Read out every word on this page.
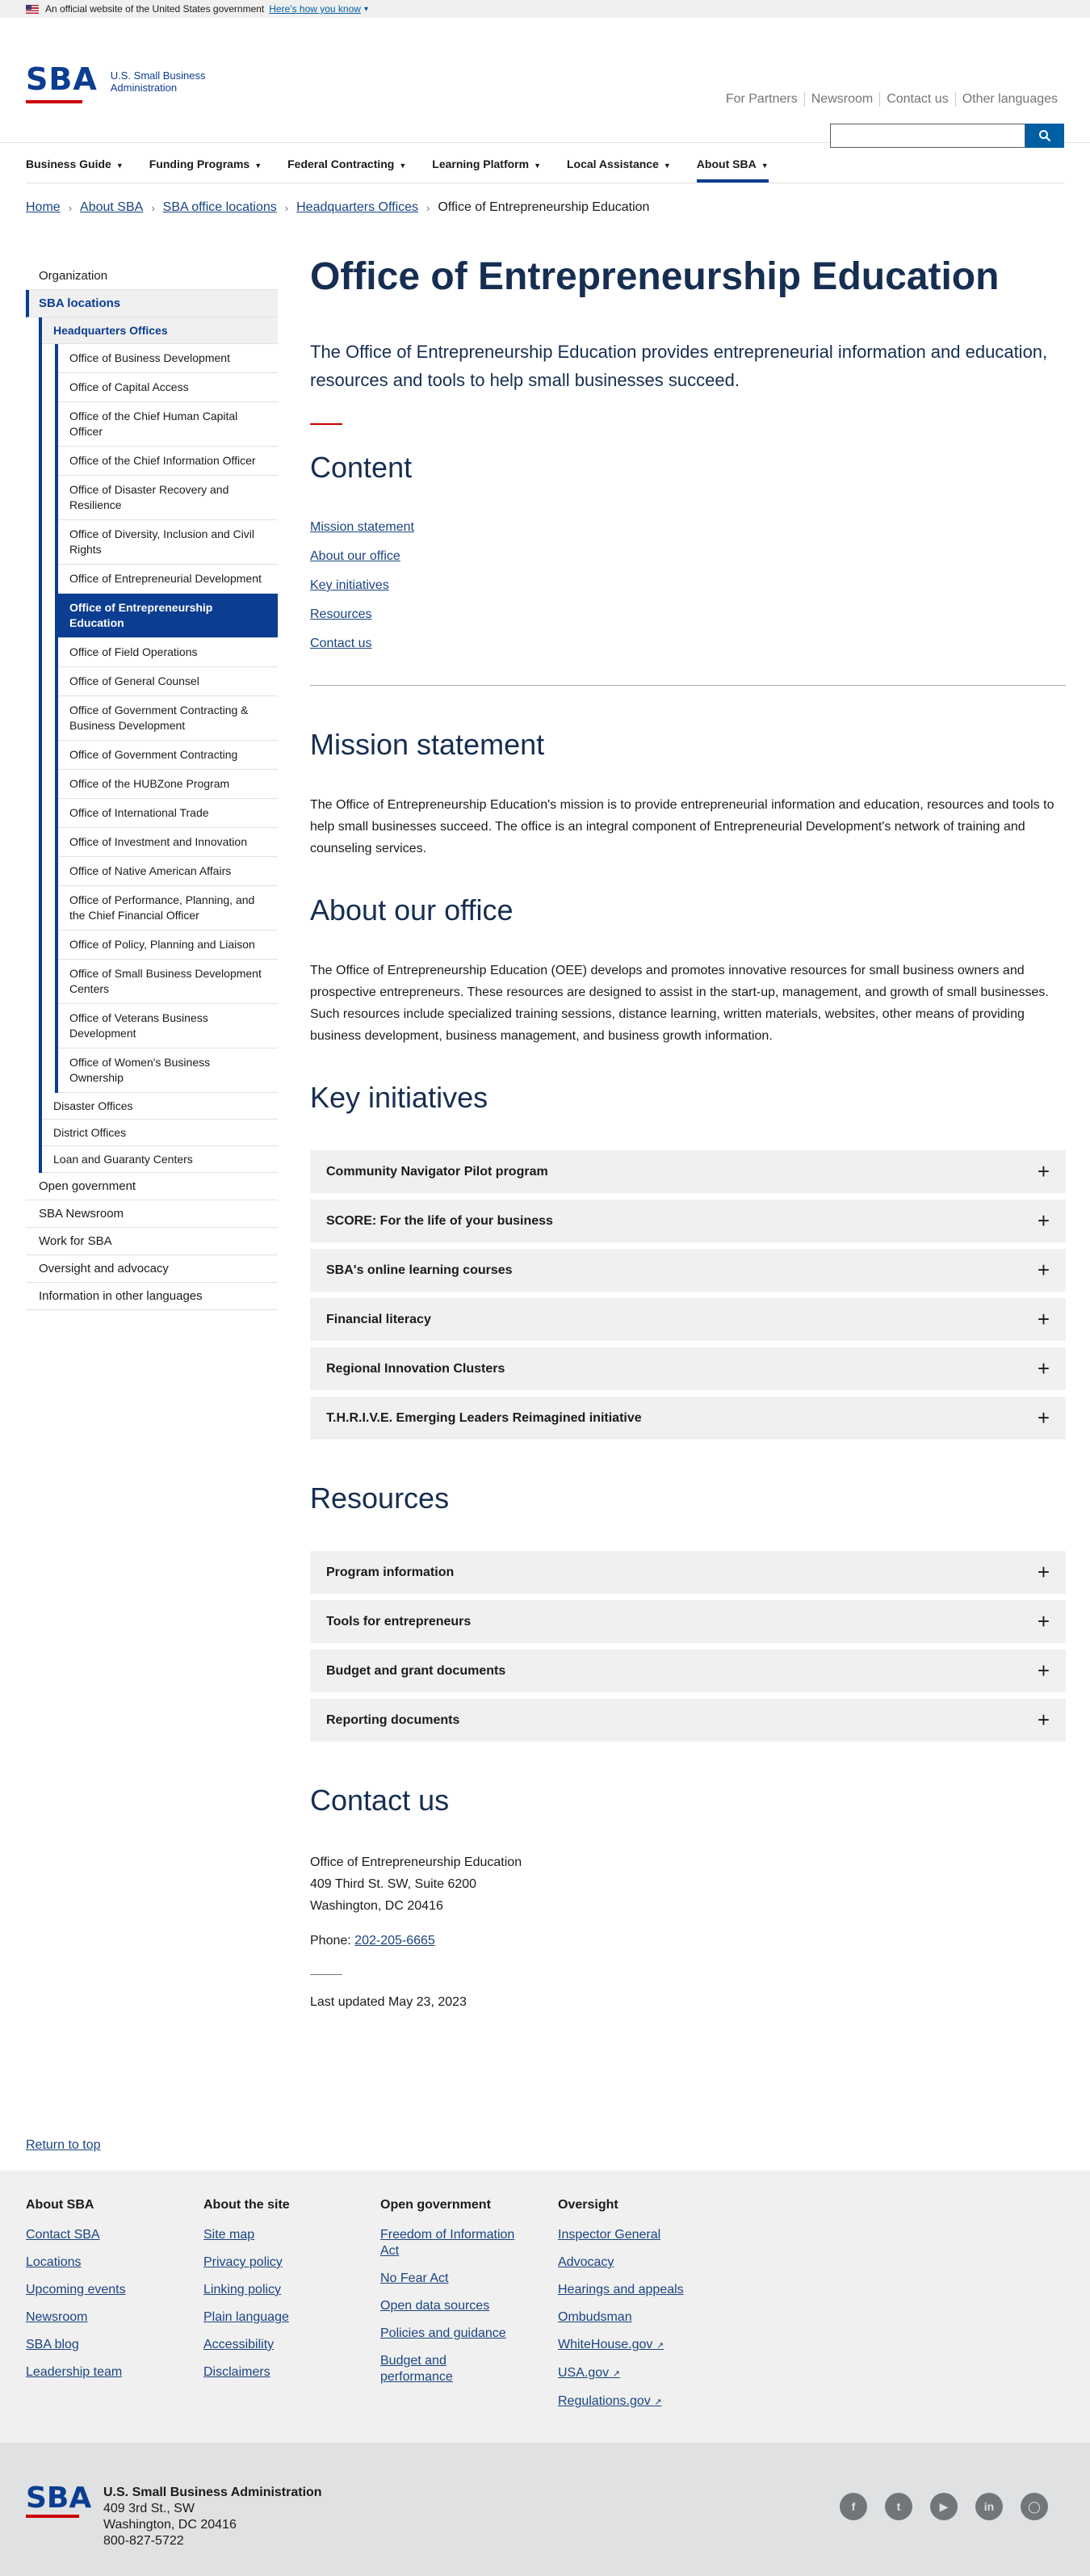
An official website of the United States government Here's how you know ▾
SBA	U.S. Small Business
Administration
For Partners	Newsroom	Contact us	Other languages
Business Guide ▼	Funding Programs ▼	Federal Contracting ▼	Learning Platform ▼	Local Assistance ▼	About SBA ▼
Home › About SBA › SBA office locations › Headquarters Offices › Office of Entrepreneurship Education
Organization
SBA locations
Headquarters Offices
Office of Business Development
Office of Capital Access
Office of the Chief Human Capital Officer
Office of the Chief Information Officer
Office of Disaster Recovery and Resilience
Office of Diversity, Inclusion and Civil Rights
Office of Entrepreneurial Development
Office of Entrepreneurship Education
Office of Field Operations
Office of General Counsel
Office of Government Contracting & Business Development
Office of Government Contracting
Office of the HUBZone Program
Office of International Trade
Office of Investment and Innovation
Office of Native American Affairs
Office of Performance, Planning, and the Chief Financial Officer
Office of Policy, Planning and Liaison
Office of Small Business Development Centers
Office of Veterans Business Development
Office of Women's Business Ownership
Disaster Offices
District Offices
Loan and Guaranty Centers
Open government
SBA Newsroom
Work for SBA
Oversight and advocacy
Information in other languages
Office of Entrepreneurship Education

The Office of Entrepreneurship Education provides entrepreneurial information and education, resources and tools to help small businesses succeed.

Content
Mission statement
About our office
Key initiatives
Resources
Contact us
Mission statement

The Office of Entrepreneurship Education's mission is to provide entrepreneurial information and education, resources and tools to help small businesses succeed. The office is an integral component of Entrepreneurial Development's network of training and counseling services.

About our office

The Office of Entrepreneurship Education (OEE) develops and promotes innovative resources for small business owners and prospective entrepreneurs. These resources are designed to assist in the start-up, management, and growth of small businesses. Such resources include specialized training sessions, distance learning, written materials, websites, other means of providing business development, business management, and business growth information.

Key initiatives
Community Navigator Pilot program	+
SCORE: For the life of your business	+
SBA's online learning courses	+
Financial literacy	+
Regional Innovation Clusters	+
T.H.R.I.V.E. Emerging Leaders Reimagined initiative	+
Resources
Program information	+
Tools for entrepreneurs	+
Budget and grant documents	+
Reporting documents	+
Contact us
Office of Entrepreneurship Education
409 Third St. SW, Suite 6200
Washington, DC 20416
Phone: 202-205-6665
Last updated May 23, 2023
Return to top
About SBA
Contact SBA
Locations
Upcoming events
Newsroom
SBA blog
Leadership team
About the site
Site map
Privacy policy
Linking policy
Plain language
Accessibility
Disclaimers
Open government
Freedom of Information Act
No Fear Act
Open data sources
Policies and guidance
Budget and performance
Oversight
Inspector General
Advocacy
Hearings and appeals
Ombudsman
WhiteHouse.gov ↗
USA.gov ↗
Regulations.gov ↗
SBA U.S. Small Business Administration
409 3rd St., SW
Washington, DC 20416
800-827-5722
f	t	▶	in	◯
